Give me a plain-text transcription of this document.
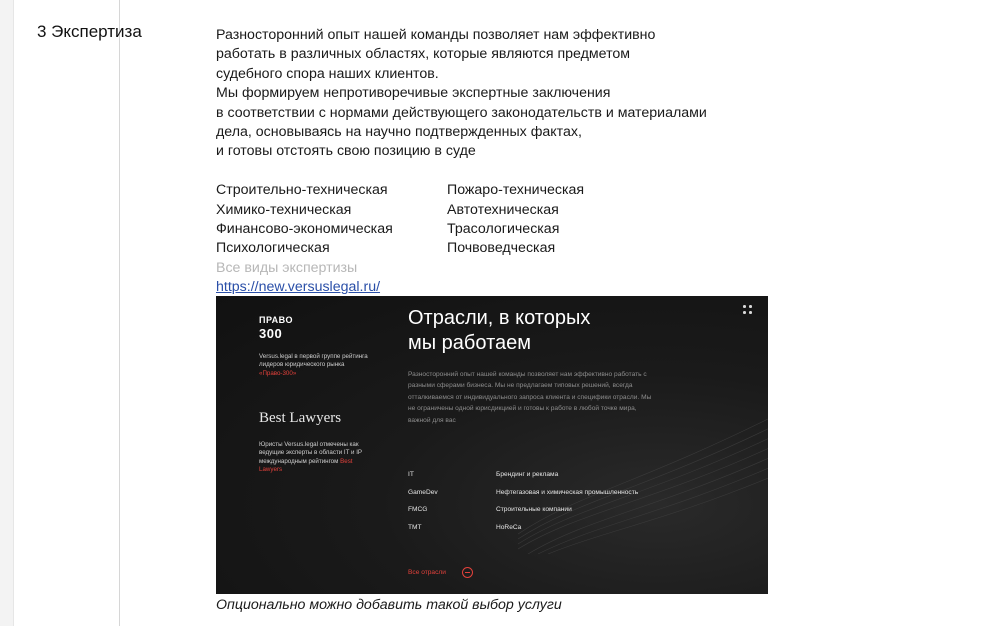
3 Экспертиза	Разносторонний опыт нашей команды позволяет нам эффективно
работать в различных областях, которые являются предметом
судебного спора наших клиентов.
Мы формируем непротиворечивые экспертные заключения
в соответствии с нормами действующего законодательств и материалами
дела, основываясь на научно подтвержденных фактах,
и готовы отстоять свою позицию в суде
Строительно-техническая	Пожаро-техническая
Химико-техническая	Автотехническая
Финансово-экономическая	Трасологическая
Психологическая	Почвоведческая
Все виды экспертизы
https://new.versuslegal.ru/
ПРАВО
300
Versus.legal в первой группе рейтинга лидеров юридического рынка «Право-300»
Best Lawyers
Юристы Versus.legal отмечены как ведущие эксперты в области IT и IP международным рейтингом Best Lawyers
Отрасли, в которых
мы работаем
Разносторонний опыт нашей команды позволяет нам эффективно работать с разными сферами бизнеса. Мы не предлагаем типовых решений, всегда отталкиваемся от индивидуального запроса клиента и специфики отрасли. Мы не ограничены одной юрисдикцией и готовы к работе в любой точке мира, важной для вас
IT	Брендинг и реклама
GameDev	Нефтегазовая и химическая промышленность
FMCG	Строительные компании
TMT	HoReCa
Все отрасли
Опционально можно добавить такой выбор услуги
